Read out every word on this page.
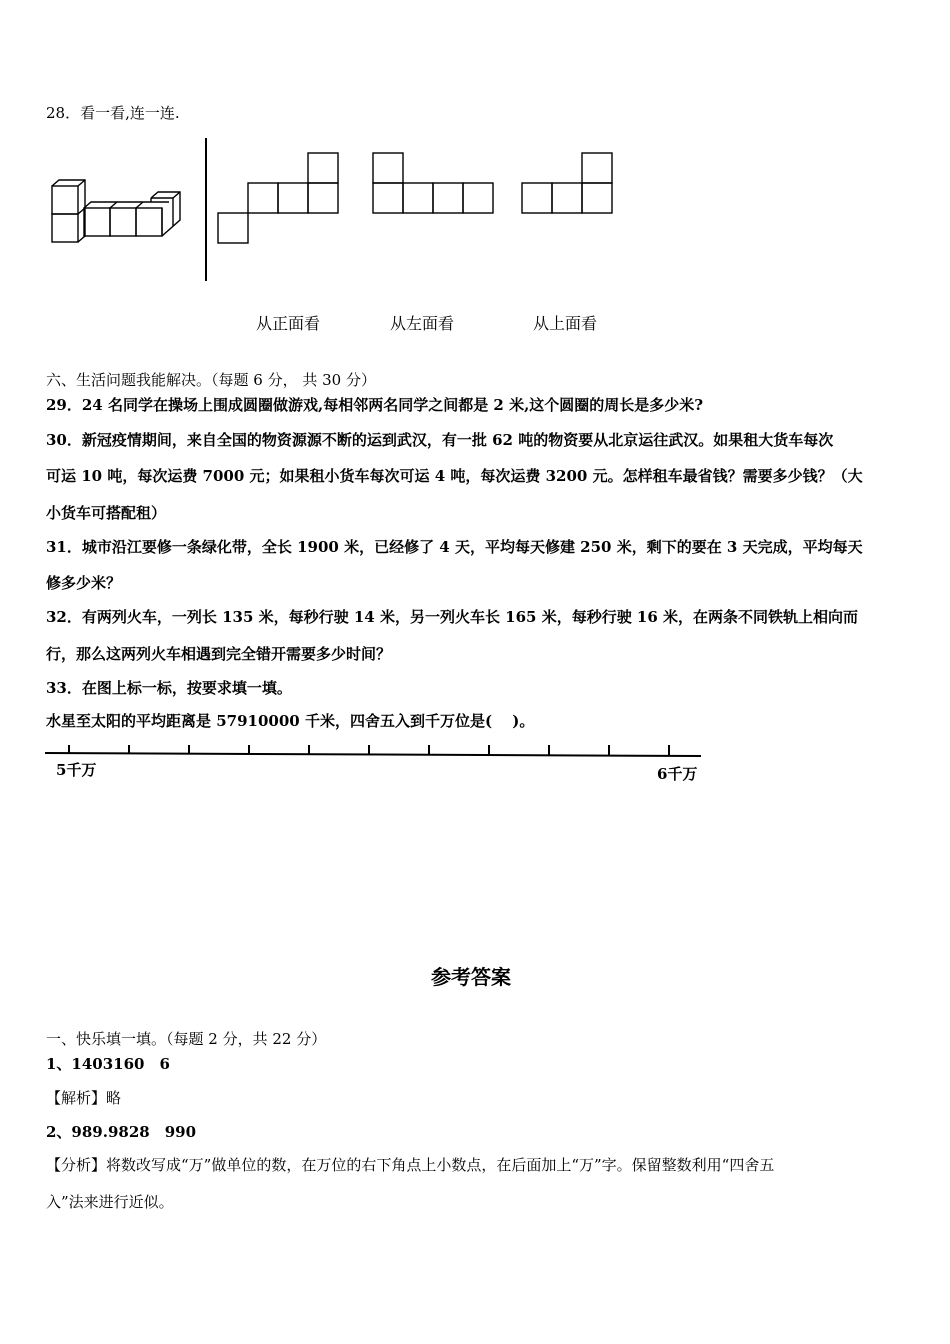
28．看一看,连一连.
从正面看	从左面看	从上面看
六、生活问题我能解决。（每题 6 分， 共 30 分）
29．24 名同学在操场上围成圆圈做游戏,每相邻两名同学之间都是 2 米,这个圆圈的周长是多少米?
30．新冠疫情期间，来自全国的物资源源不断的运到武汉，有一批 62 吨的物资要从北京运往武汉。如果租大货车每次
可运 10 吨，每次运费 7000 元；如果租小货车每次可运 4 吨，每次运费 3200 元。怎样租车最省钱？需要多少钱？（大
小货车可搭配租）
31．城市沿江要修一条绿化带，全长 1900 米，已经修了 4 天，平均每天修建 250 米，剩下的要在 3 天完成，平均每天
修多少米？
32．有两列火车，一列长 135 米，每秒行驶 14 米，另一列火车长 165 米，每秒行驶 16 米，在两条不同铁轨上相向而
行，那么这两列火车相遇到完全错开需要多少时间？
33．在图上标一标，按要求填一填。
水星至太阳的平均距离是 57910000 千米，四舍五入到千万位是(　 )。
5千万	6千万
参考答案
一、快乐填一填。（每题 2 分，共 22 分）
1、1403160　6
【解析】略
2、989.9828　990
【分析】将数改写成“万”做单位的数，在万位的右下角点上小数点，在后面加上“万”字。保留整数利用“四舍五
入”法来进行近似。
